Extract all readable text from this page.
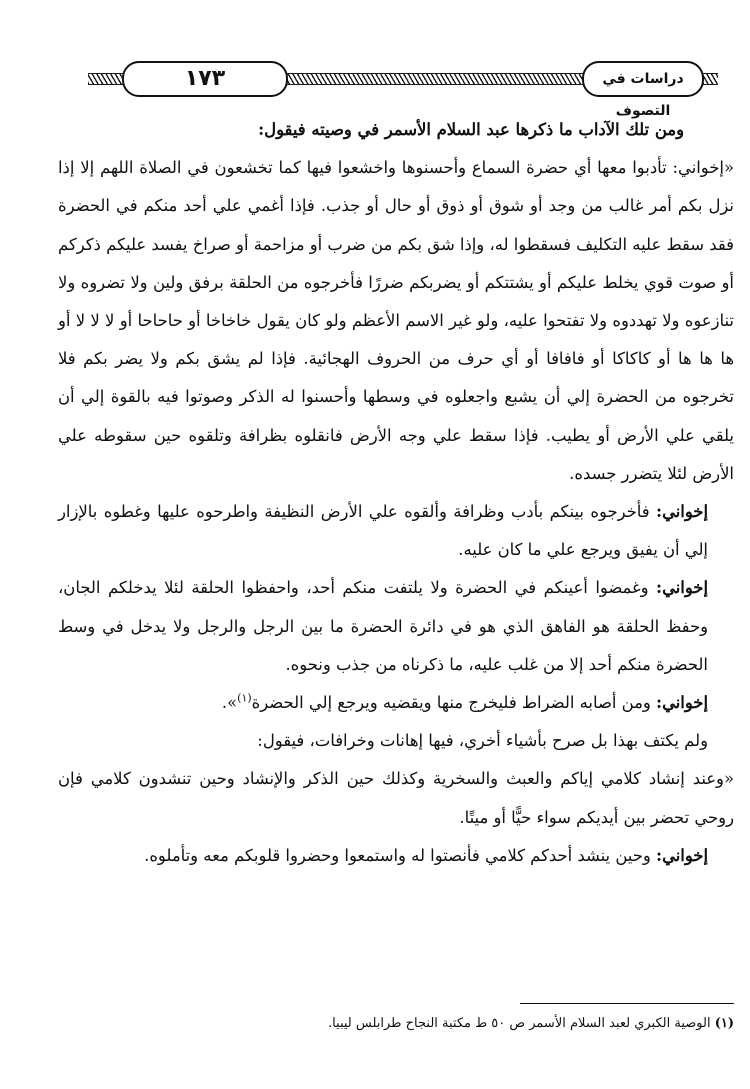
١٧٣	دراسات في التصوف

ومن تلك الآداب ما ذكرها عبد السلام الأسمر في وصيته فيقول:

«إخواني: تأدبوا معها أي حضرة السماع وأحسنوها واخشعوا فيها كما تخشعون في الصلاة اللهم إلا إذا نزل بكم أمر غالب من وجد أو شوق أو ذوق أو حال أو جذب. فإذا أغمي علي أحد منكم في الحضرة فقد سقط عليه التكليف فسقطوا له، وإذا شق بكم من ضرب أو مزاحمة أو صراخ يفسد عليكم ذكركم أو صوت قوي يخلط عليكم أو يشتتكم أو يضربكم ضررًا فأخرجوه من الحلقة برفق ولين ولا تضروه ولا تنازعوه ولا تهددوه ولا تفتحوا عليه، ولو غير الاسم الأعظم ولو كان يقول خاخاخا أو حاحاحا أو لا لا لا أو ها ها ها أو كاكاكا أو فافافا أو أي حرف من الحروف الهجائية. فإذا لم يشق بكم ولا يضر بكم فلا تخرجوه من الحضرة إلي أن يشبع واجعلوه في وسطها وأحسنوا له الذكر وصوتوا فيه بالقوة إلي أن يلقي علي الأرض أو يطيب. فإذا سقط علي وجه الأرض فانقلوه بظرافة وتلقوه حين سقوطه علي الأرض لئلا يتضرر جسده.

إخواني: فأخرجوه بينكم بأدب وظرافة وألقوه علي الأرض النظيفة واطرحوه عليها وغطوه بالإزار إلي أن يفيق ويرجع علي ما كان عليه.

إخواني: وغمضوا أعينكم في الحضرة ولا يلتفت منكم أحد، واحفظوا الحلقة لئلا يدخلكم الجان، وحفظ الحلقة هو الفاهق الذي هو في دائرة الحضرة ما بين الرجل والرجل ولا يدخل في وسط الحضرة منكم أحد إلا من غلب عليه، ما ذكرناه من جذب ونحوه.

إخواني: ومن أصابه الضراط فليخرج منها ويقضيه ويرجع إلي الحضرة$^{(١)}$».

ولم يكتف بهذا بل صرح بأشياء أخري، فيها إهانات وخرافات، فيقول:

«وعند إنشاد كلامي إياكم والعبث والسخرية وكذلك حين الذكر والإنشاد وحين تنشدون كلامي فإن روحي تحضر بين أيديكم سواء حيًّا أو ميتًا.

إخواني: وحين ينشد أحدكم كلامي فأنصتوا له واستمعوا وحضروا قلوبكم معه وتأملوه.

(١) الوصية الكبري لعبد السلام الأسمر ص ٥٠ ط مكتبة النجاح طرابلس ليبيا.
